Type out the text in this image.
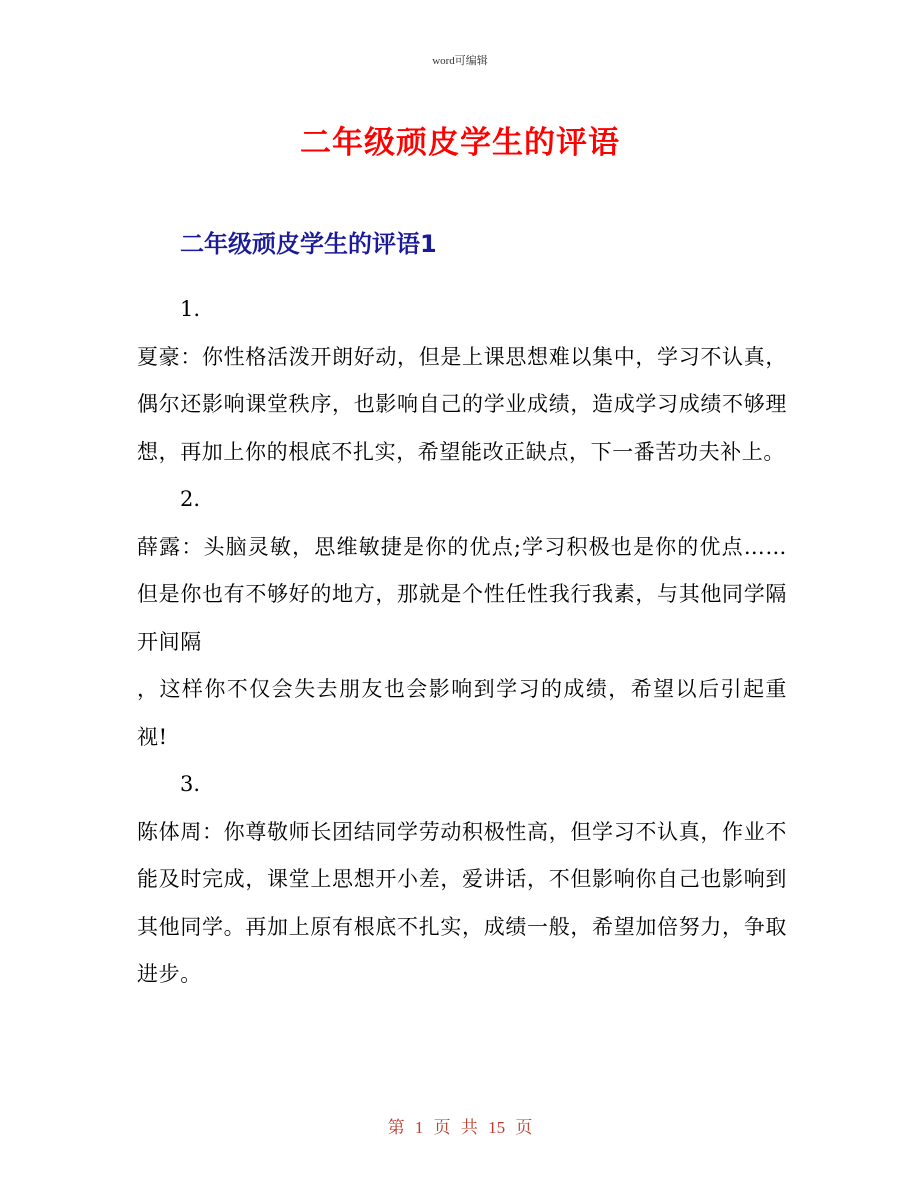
word可编辑
二年级顽皮学生的评语
二年级顽皮学生的评语1
1.
夏豪：你性格活泼开朗好动，但是上课思想难以集中，学习不认真，偶尔还影响课堂秩序，也影响自己的学业成绩，造成学习成绩不够理想，再加上你的根底不扎实，希望能改正缺点，下一番苦功夫补上。
2.
薛露：头脑灵敏，思维敏捷是你的优点;学习积极也是你的优点……但是你也有不够好的地方，那就是个性任性我行我素，与其他同学隔开间隔
，这样你不仅会失去朋友也会影响到学习的成绩，希望以后引起重视!
3.
陈体周：你尊敬师长团结同学劳动积极性高，但学习不认真，作业不能及时完成，课堂上思想开小差，爱讲话，不但影响你自己也影响到其他同学。再加上原有根底不扎实，成绩一般，希望加倍努力，争取进步。
第 1 页 共 15 页
